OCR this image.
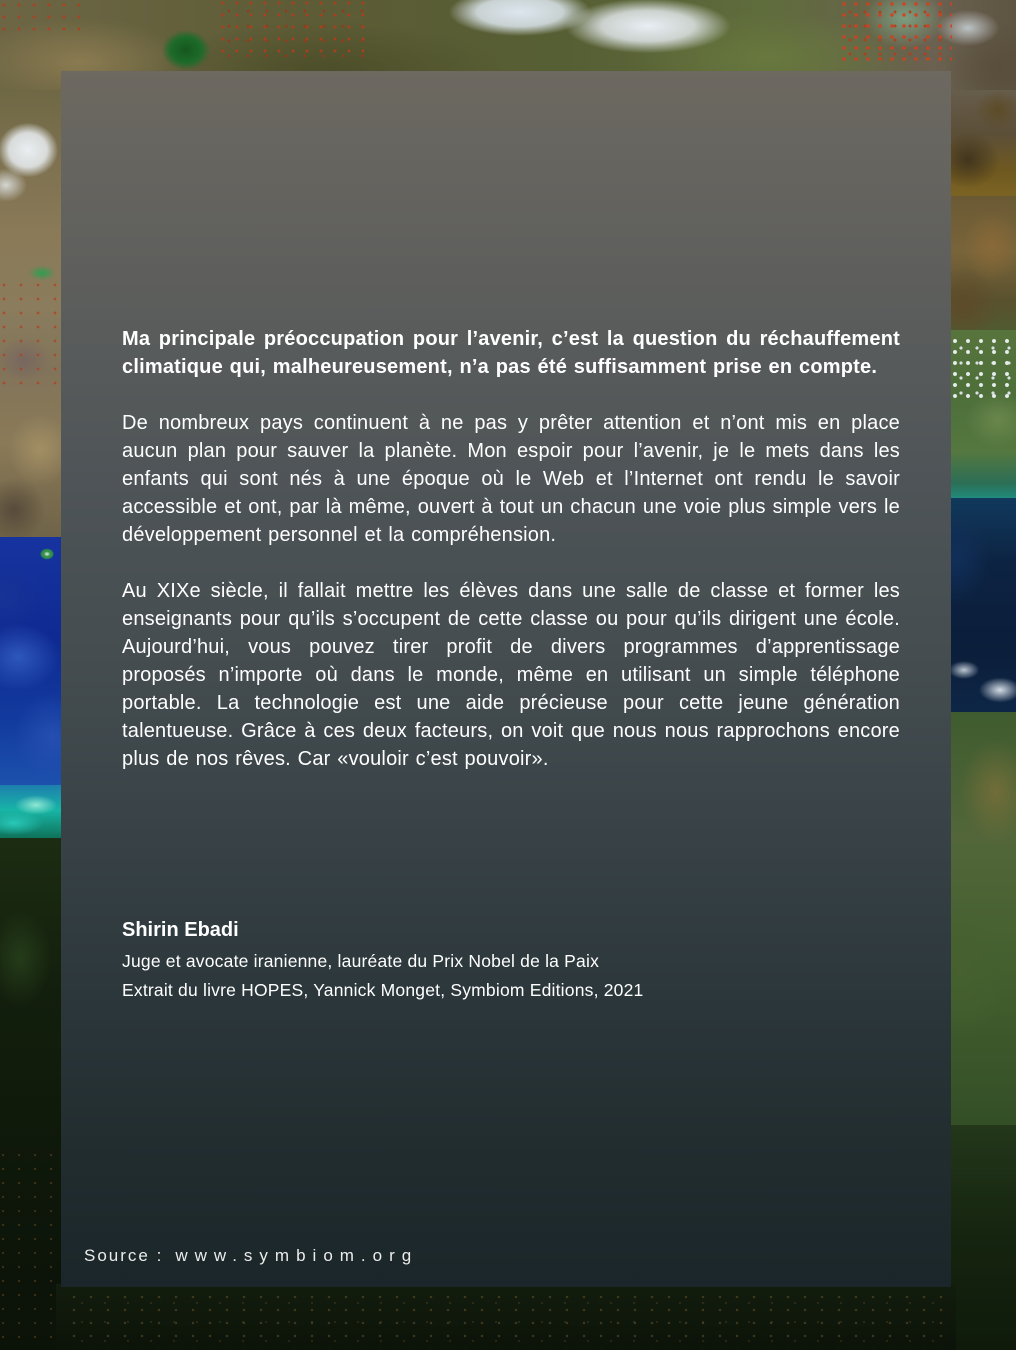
Ma principale préoccupation pour l’avenir, c’est la question du réchauffement climatique qui, malheureusement, n’a pas été suffisamment prise en compte.

De nombreux pays continuent à ne pas y prêter attention et n’ont mis en place aucun plan pour sauver la planète. Mon espoir pour l’avenir, je le mets dans les enfants qui sont nés à une époque où le Web et l’Internet ont rendu le savoir accessible et ont, par là même, ouvert à tout un chacun une voie plus simple vers le développement personnel et la compréhension.

Au XIXe siècle, il fallait mettre les élèves dans une salle de classe et former les enseignants pour qu’ils s’occupent de cette classe ou pour qu’ils dirigent une école. Aujourd’hui, vous pouvez tirer profit de divers programmes d’apprentissage proposés n’importe où dans le monde, même en utilisant un simple téléphone portable. La technologie est une aide précieuse pour cette jeune génération talentueuse. Grâce à ces deux facteurs, on voit que nous nous rapprochons encore plus de nos rêves. Car «vouloir c’est pouvoir».

Shirin Ebadi
Juge et avocate iranienne, lauréate du Prix Nobel de la Paix
Extrait du livre HOPES, Yannick Monget, Symbiom Editions, 2021
Source : www.symbiom.org
